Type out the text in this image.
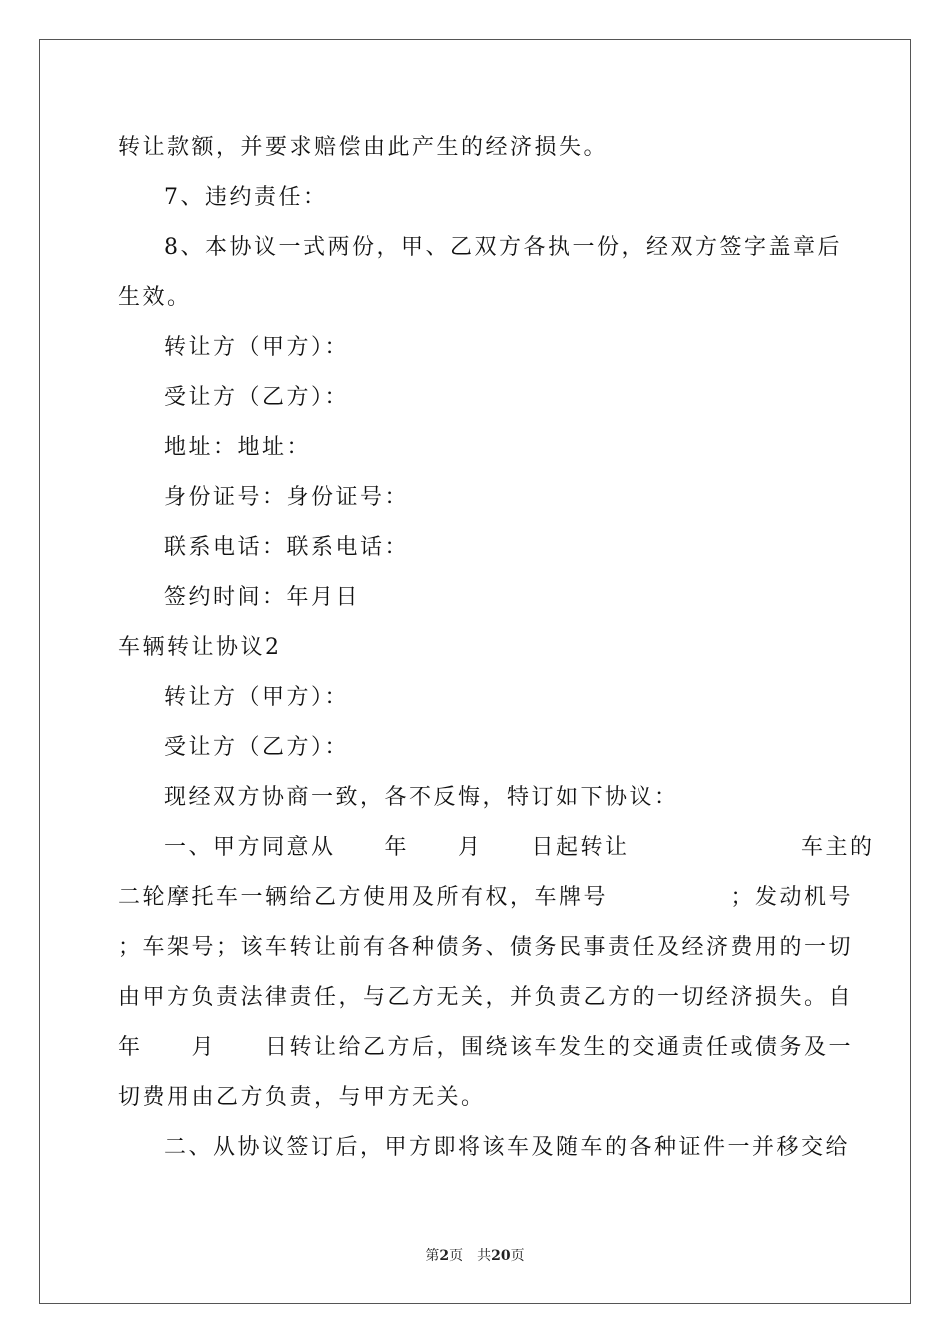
转让款额，并要求赔偿由此产生的经济损失。
7、违约责任：
8、本协议一式两份，甲、乙双方各执一份，经双方签字盖章后
生效。
转让方（甲方）：
受让方（乙方）：
地址：地址：
身份证号：身份证号：
联系电话：联系电话：
签约时间：年月日
车辆转让协议2
转让方（甲方）：
受让方（乙方）：
现经双方协商一致，各不反悔，特订如下协议：
一、甲方同意从　　年　　月　　日起转让　　　　　　　车主的
二轮摩托车一辆给乙方使用及所有权，车牌号　　　　　；发动机号
；车架号；该车转让前有各种债务、债务民事责任及经济费用的一切
由甲方负责法律责任，与乙方无关，并负责乙方的一切经济损失。自
年　　月　　日转让给乙方后，围绕该车发生的交通责任或债务及一
切费用由乙方负责，与甲方无关。
二、从协议签订后，甲方即将该车及随车的各种证件一并移交给
第2页 共20页
